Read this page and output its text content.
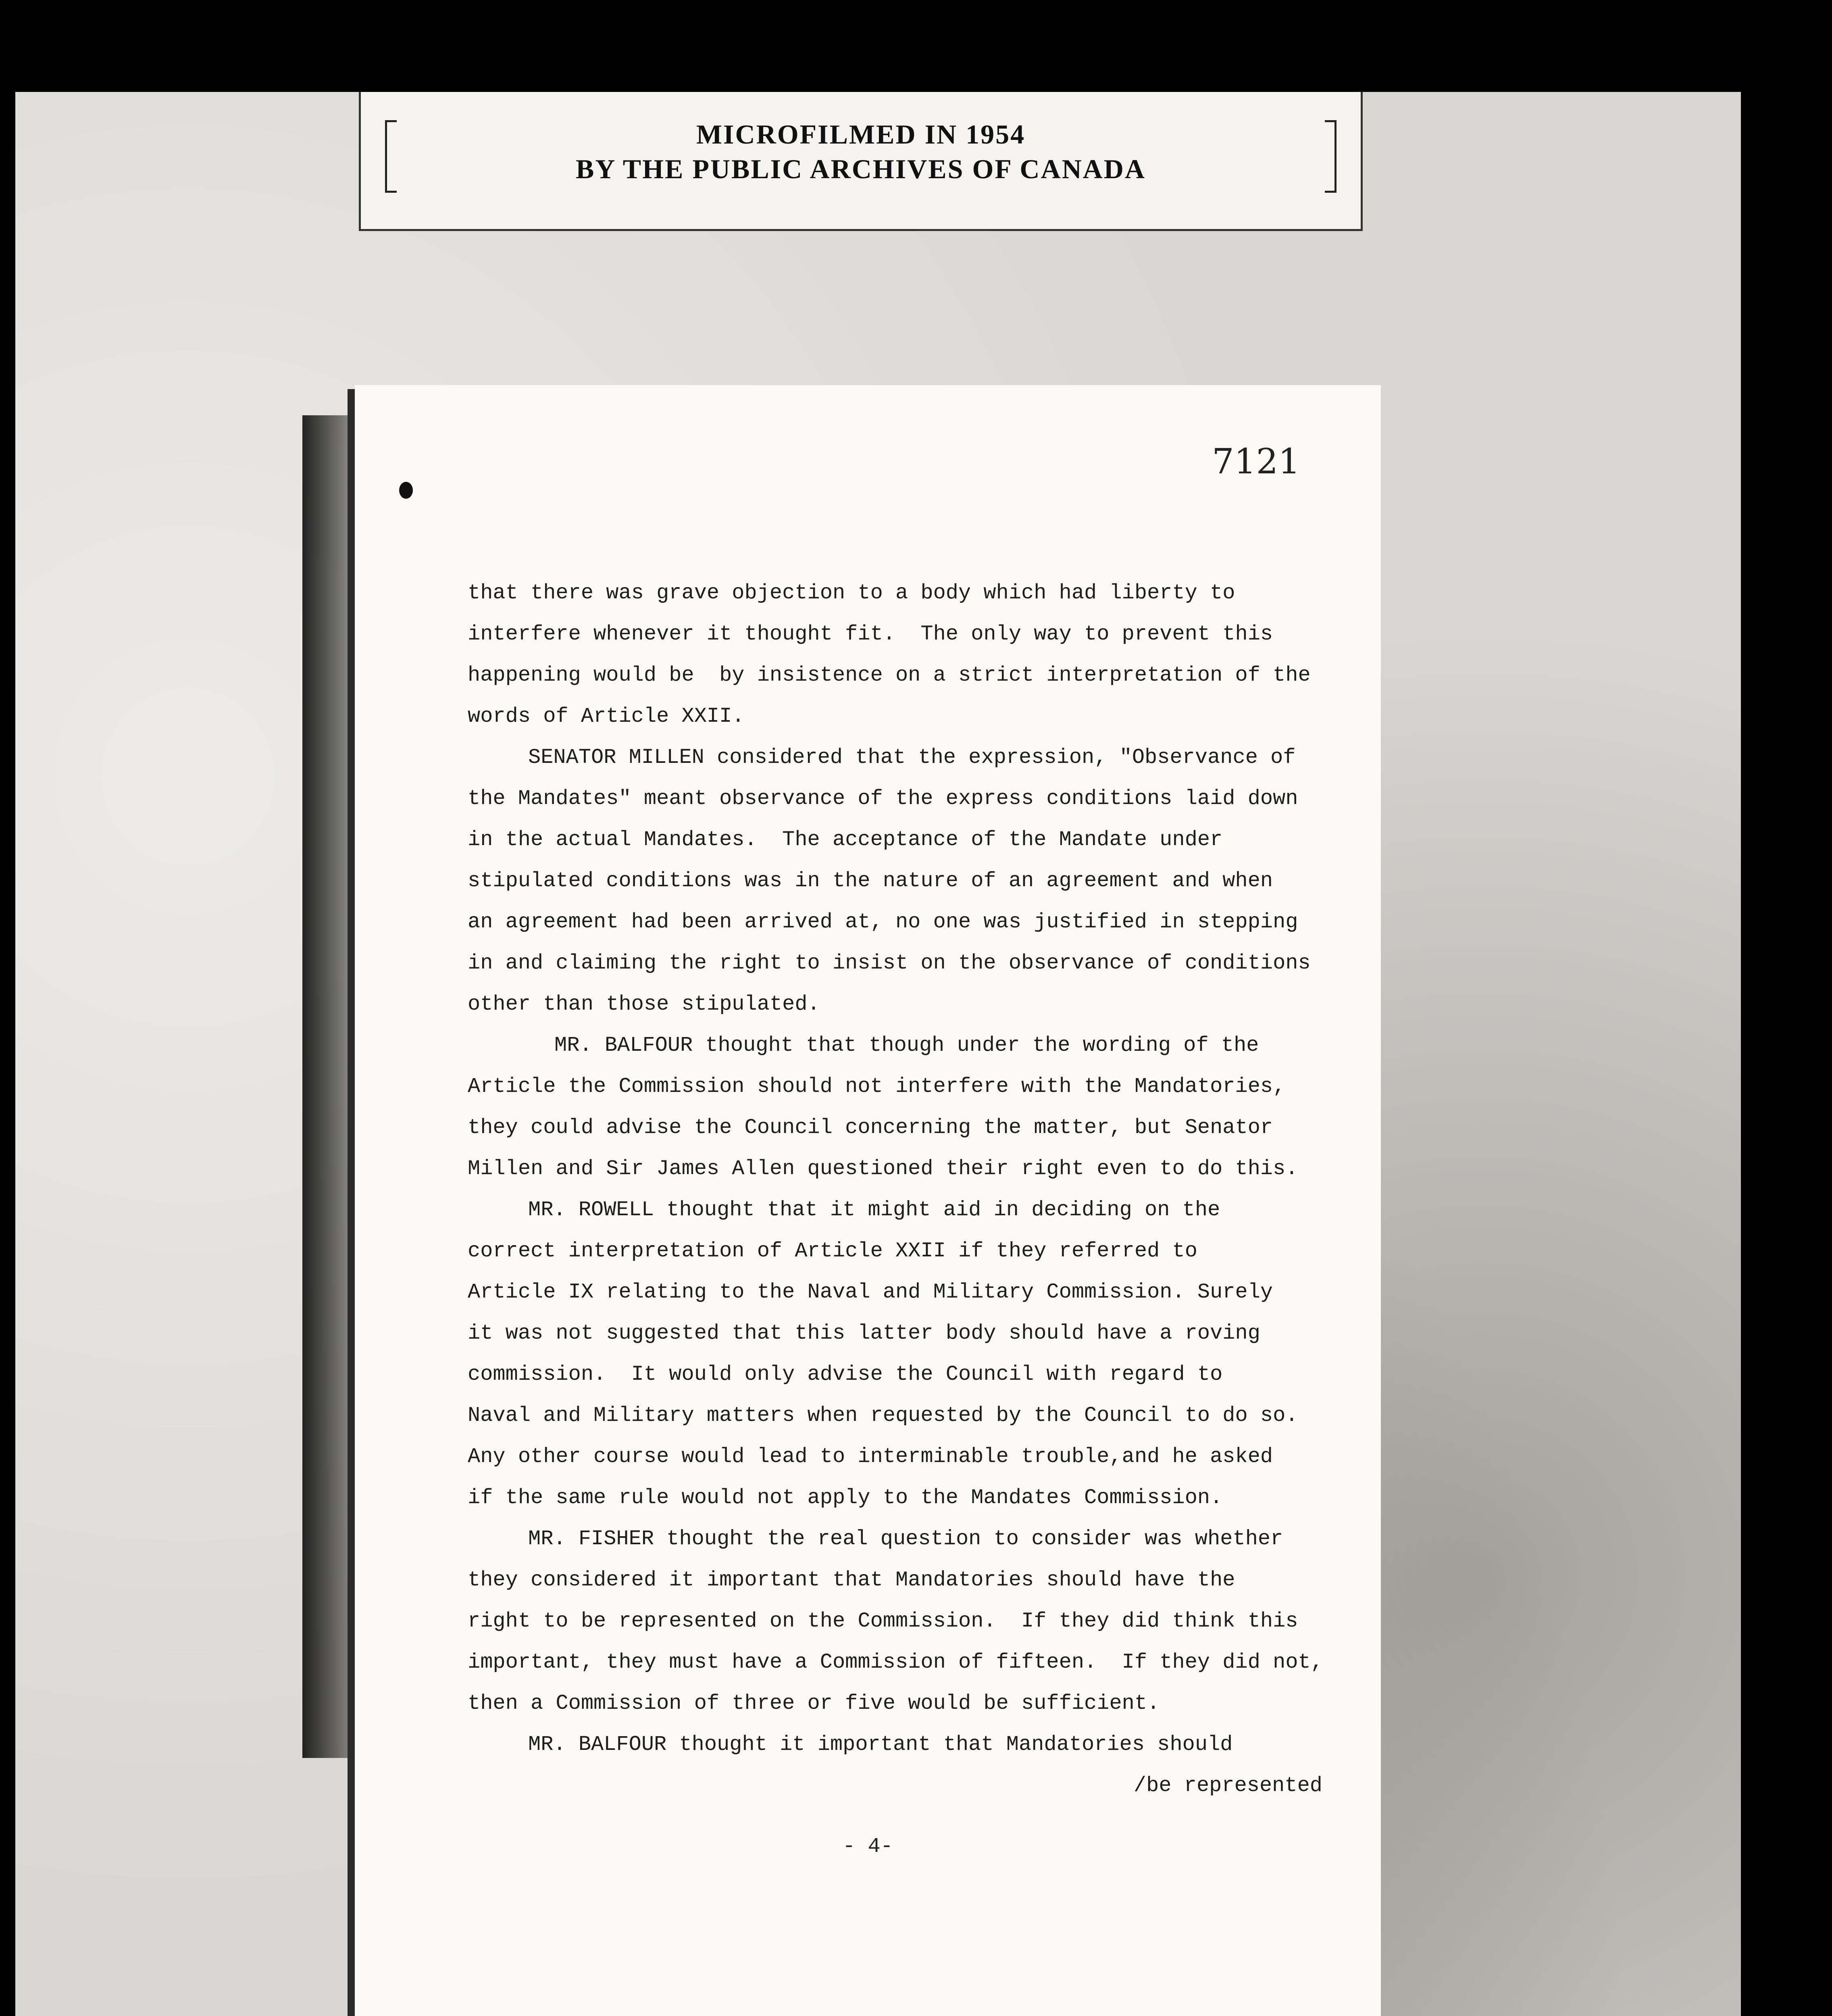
MICROFILMED IN 1954
BY THE PUBLIC ARCHIVES OF CANADA
7121
that there was grave objection to a body which had liberty to
interfere whenever it thought fit.  The only way to prevent this
happening would be  by insistence on a strict interpretation of the
words of Article XXII.
SENATOR MILLEN considered that the expression, "Observance of
the Mandates" meant observance of the express conditions laid down
in the actual Mandates.  The acceptance of the Mandate under
stipulated conditions was in the nature of an agreement and when
an agreement had been arrived at, no one was justified in stepping
in and claiming the right to insist on the observance of conditions
other than those stipulated.
MR. BALFOUR thought that though under the wording of the
Article the Commission should not interfere with the Mandatories,
they could advise the Council concerning the matter, but Senator
Millen and Sir James Allen questioned their right even to do this.
MR. ROWELL thought that it might aid in deciding on the
correct interpretation of Article XXII if they referred to
Article IX relating to the Naval and Military Commission. Surely
it was not suggested that this latter body should have a roving
commission.  It would only advise the Council with regard to
Naval and Military matters when requested by the Council to do so.
Any other course would lead to interminable trouble,and he asked
if the same rule would not apply to the Mandates Commission.
MR. FISHER thought the real question to consider was whether
they considered it important that Mandatories should have the
right to be represented on the Commission.  If they did think this
important, they must have a Commission of fifteen.  If they did not,
then a Commission of three or five would be sufficient.
MR. BALFOUR thought it important that Mandatories should
/be represented
- 4-
